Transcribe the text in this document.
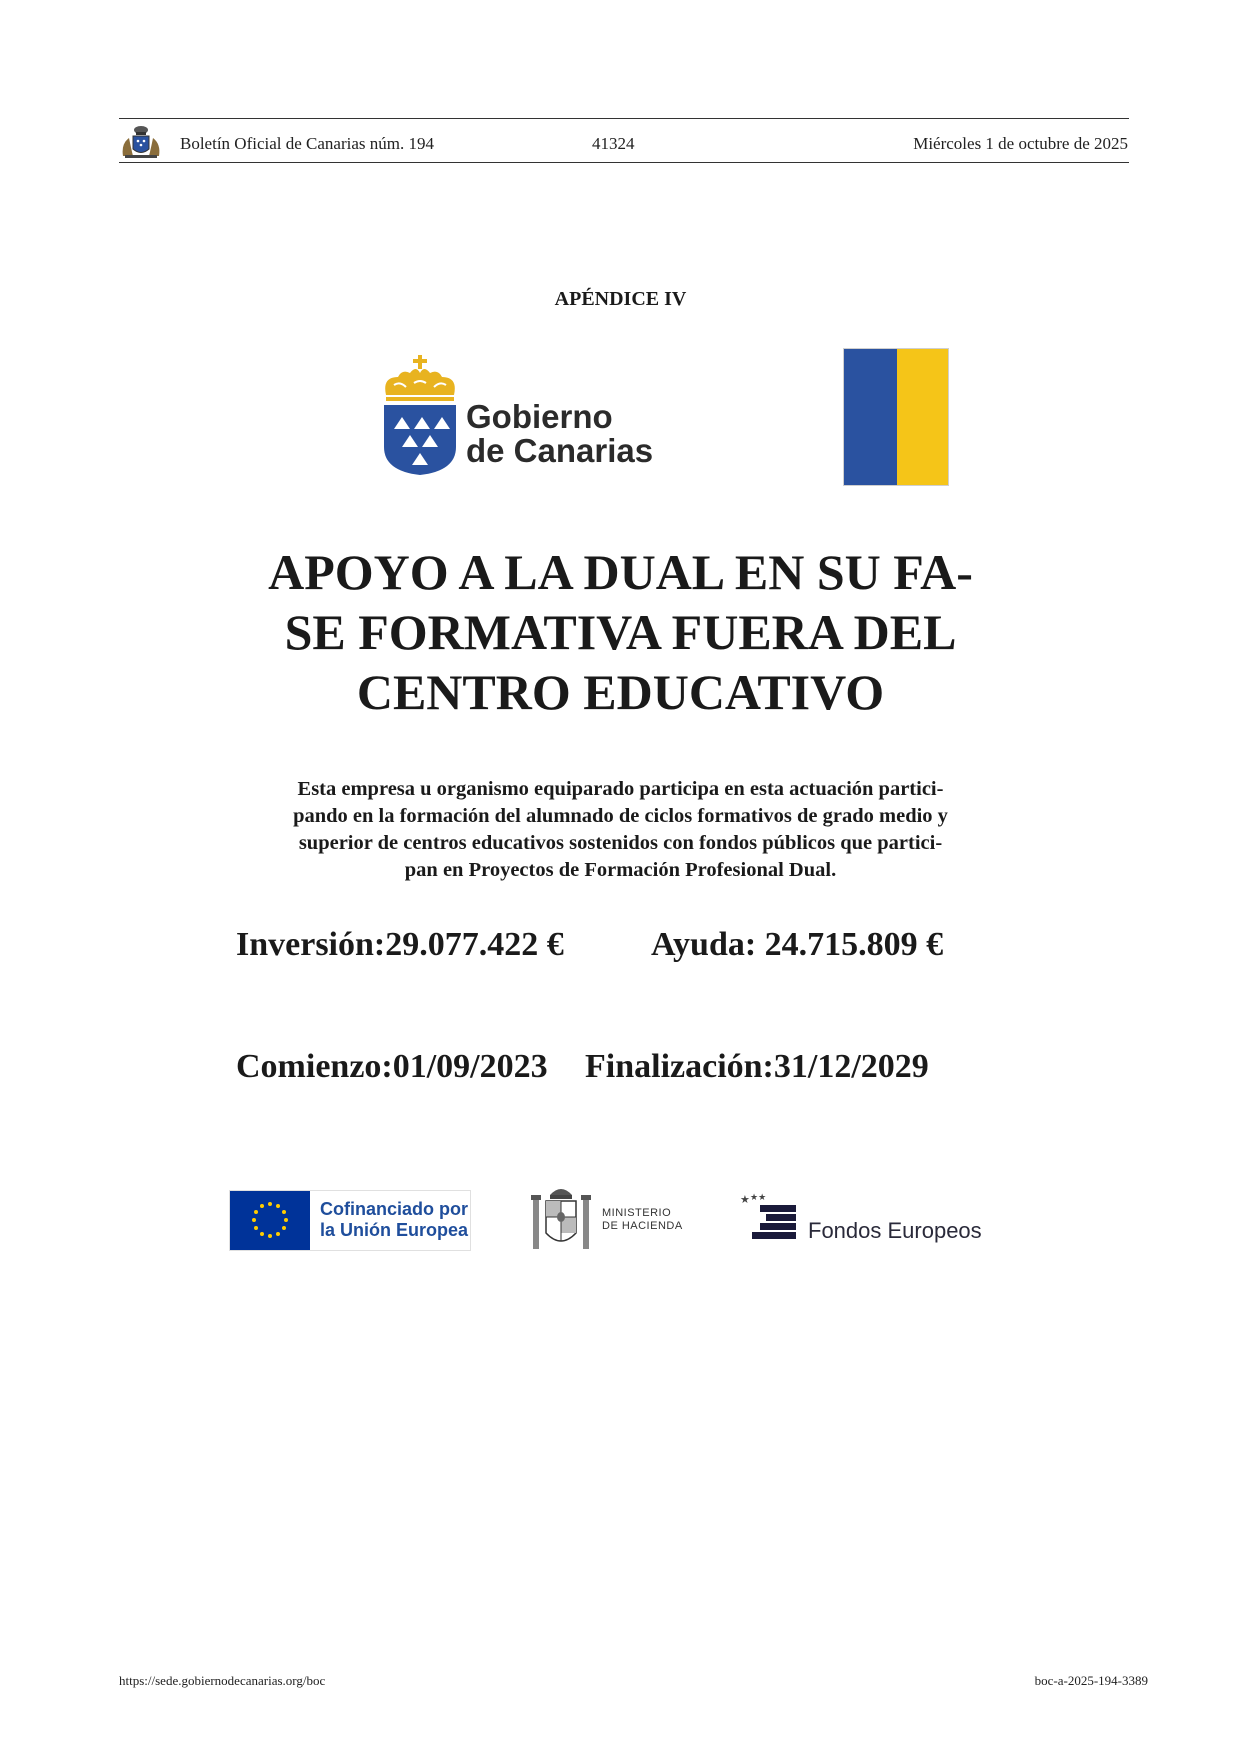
Boletín Oficial de Canarias núm. 194	41324	Miércoles 1 de octubre de 2025
APÉNDICE IV
Gobierno
de Canarias
APOYO A LA DUAL EN SU FA-
SE FORMATIVA FUERA DEL
CENTRO EDUCATIVO
Esta empresa u organismo equiparado participa en esta actuación partici-
pando en la formación del alumnado de ciclos formativos de grado medio y
superior de centros educativos sostenidos con fondos públicos que partici-
pan en Proyectos de Formación Profesional Dual.
Inversión:29.077.422 €	Ayuda: 24.715.809 €
Comienzo:01/09/2023 Finalización:31/12/2029
Cofinanciado por
la Unión Europea
MINISTERIO
DE HACIENDA
★ ★★
Fondos Europeos
https://sede.gobiernodecanarias.org/boc	boc-a-2025-194-3389
